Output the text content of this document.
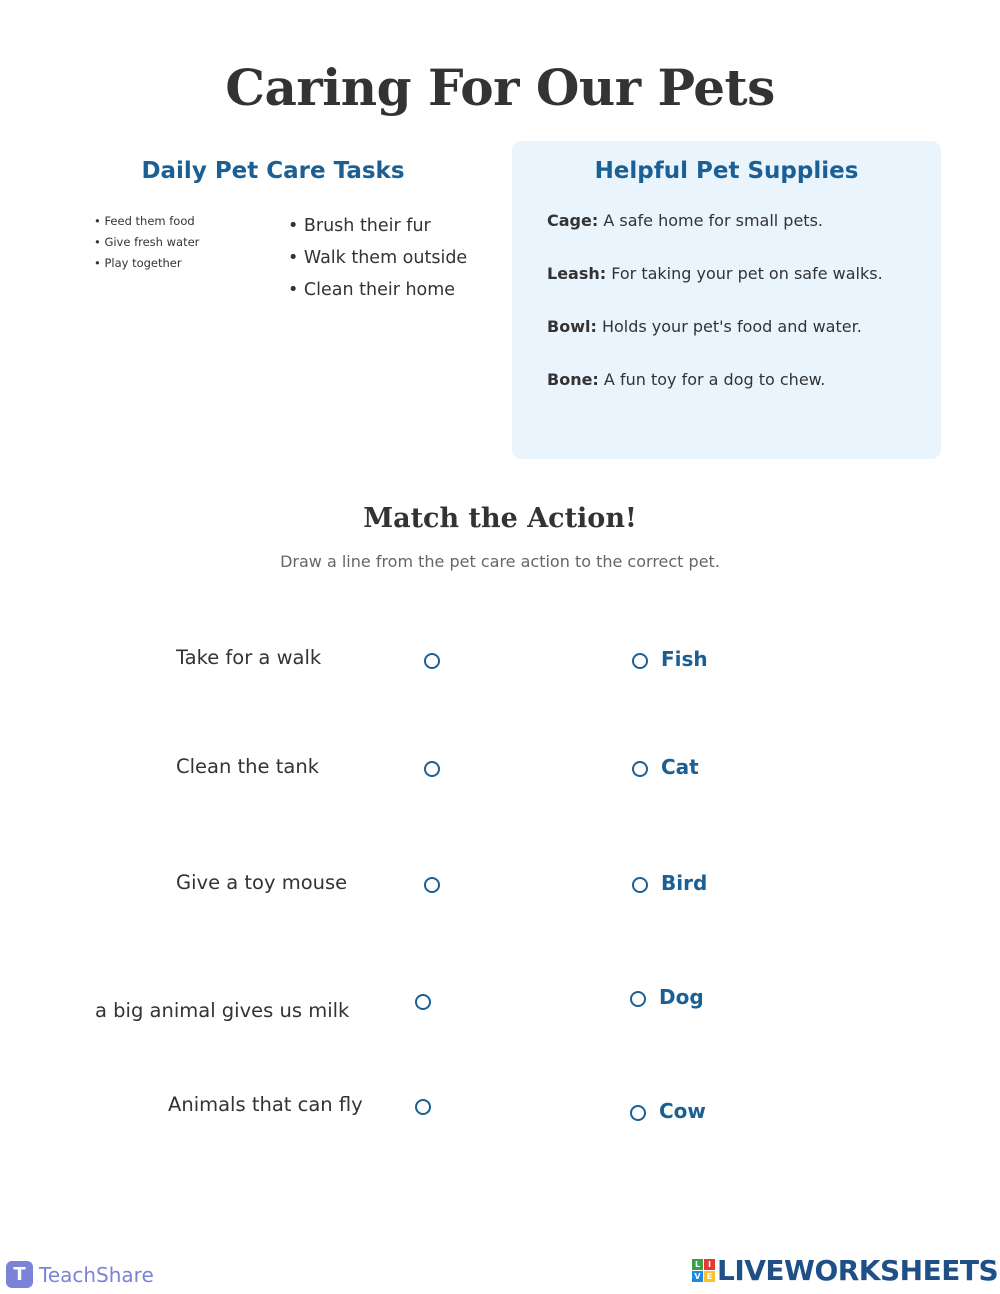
Caring For Our Pets
Daily Pet Care Tasks
• Feed them food
• Give fresh water
• Play together
• Brush their fur
• Walk them outside
• Clean their home
Helpful Pet Supplies
Cage: A safe home for small pets.
Leash: For taking your pet on safe walks.
Bowl: Holds your pet's food and water.
Bone: A fun toy for a dog to chew.
Match the Action!
Draw a line from the pet care action to the correct pet.
Take for a walk
Clean the tank
Give a toy mouse
a big animal gives us milk
Animals that can fly
Fish
Cat
Bird
Dog
Cow
T TeachShare	L I
V E LIVEWORKSHEETS
